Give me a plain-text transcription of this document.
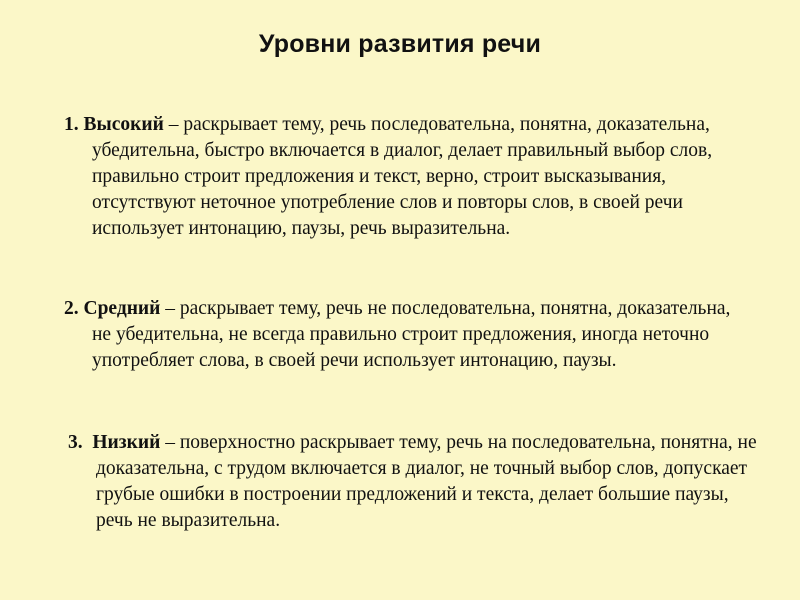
Уровни развития речи
1. Высокий – раскрывает тему, речь последовательна, понятна, доказательна, убедительна, быстро включается в диалог, делает правильный выбор слов, правильно строит предложения и текст, верно, строит высказывания, отсутствуют неточное употребление слов и повторы слов, в своей речи использует интонацию, паузы, речь выразительна.
2. Средний – раскрывает тему, речь не последовательна, понятна, доказательна, не убедительна, не всегда правильно строит предложения, иногда неточно употребляет слова, в своей речи использует интонацию, паузы.
3. Низкий – поверхностно раскрывает тему, речь на последовательна, понятна, не доказательна, с трудом включается в диалог, не точный выбор слов, допускает грубые ошибки в построении предложений и текста, делает большие паузы, речь не выразительна.
